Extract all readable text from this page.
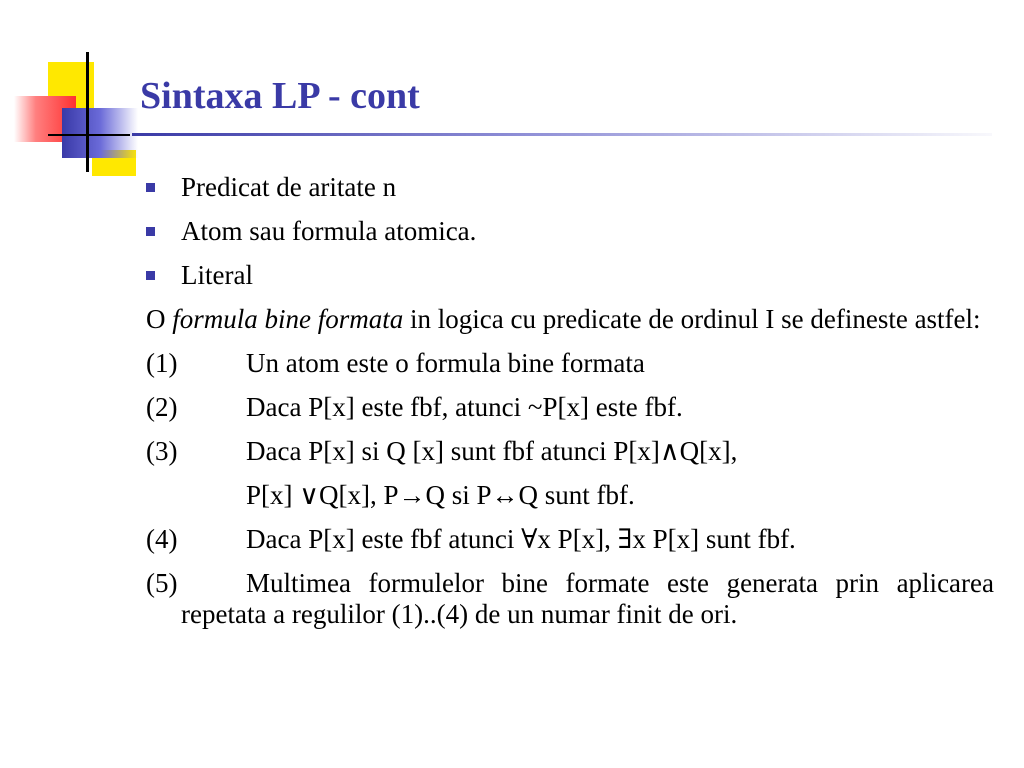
Sintaxa LP - cont
Predicat de aritate n
Atom sau formula atomica.
Literal
O formula bine formata in logica cu predicate de ordinul I se defineste astfel:
(1)	Un atom este o formula bine formata
(2)	Daca P[x] este fbf, atunci ~P[x] este fbf.
(3)	Daca P[x] si Q [x] sunt fbf atunci P[x]∧Q[x],
P[x] ∨Q[x], P→Q si P↔Q sunt fbf.
(4)	Daca P[x] este fbf atunci ∀x P[x], ∃x P[x] sunt fbf.
(5)	Multimea formulelor bine formate este generata prin aplicarea repetata a regulilor (1)..(4) de un numar finit de ori.
